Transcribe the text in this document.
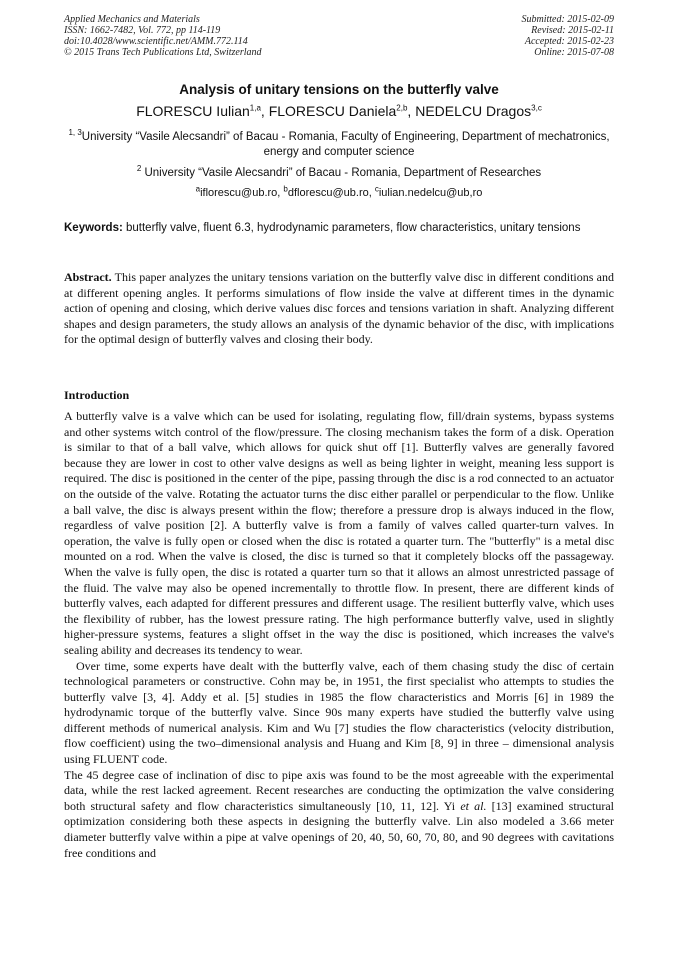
Applied Mechanics and Materials
ISSN: 1662-7482, Vol. 772, pp 114-119
doi:10.4028/www.scientific.net/AMM.772.114
© 2015 Trans Tech Publications Ltd, Switzerland
Submitted: 2015-02-09
Revised: 2015-02-11
Accepted: 2015-02-23
Online: 2015-07-08
Analysis of unitary tensions on the butterfly valve
FLORESCU Iulian$^{1,a}$, FLORESCU Daniela$^{2,b}$, NEDELCU Dragos$^{3,c}$
$^{1, 3}$University “Vasile Alecsandri” of Bacau - Romania, Faculty of Engineering, Department of mechatronics, energy and computer science
$^2$ University “Vasile Alecsandri” of Bacau - Romania, Department of Researches
$^a$iflorescu@ub.ro, $^b$dflorescu@ub.ro, $^c$iulian.nedelcu@ub,ro
Keywords: butterfly valve, fluent 6.3, hydrodynamic parameters, flow characteristics, unitary tensions
Abstract. This paper analyzes the unitary tensions variation on the butterfly valve disc in different conditions and at different opening angles. It performs simulations of flow inside the valve at different times in the dynamic action of opening and closing, which derive values disc forces and tensions variation in shaft. Analyzing different shapes and design parameters, the study allows an analysis of the dynamic behavior of the disc, with implications for the optimal design of butterfly valves and closing their body.
Introduction

A butterfly valve is a valve which can be used for isolating, regulating flow, fill/drain systems, bypass systems and other systems witch control of the flow/pressure. The closing mechanism takes the form of a disk. Operation is similar to that of a ball valve, which allows for quick shut off [1]. Butterfly valves are generally favored because they are lower in cost to other valve designs as well as being lighter in weight, meaning less support is required. The disc is positioned in the center of the pipe, passing through the disc is a rod connected to an actuator on the outside of the valve. Rotating the actuator turns the disc either parallel or perpendicular to the flow. Unlike a ball valve, the disc is always present within the flow; therefore a pressure drop is always induced in the flow, regardless of valve position [2]. A butterfly valve is from a family of valves called quarter-turn valves. In operation, the valve is fully open or closed when the disc is rotated a quarter turn. The "butterfly" is a metal disc mounted on a rod. When the valve is closed, the disc is turned so that it completely blocks off the passageway. When the valve is fully open, the disc is rotated a quarter turn so that it allows an almost unrestricted passage of the fluid. The valve may also be opened incrementally to throttle flow. In present, there are different kinds of butterfly valves, each adapted for different pressures and different usage. The resilient butterfly valve, which uses the flexibility of rubber, has the lowest pressure rating. The high performance butterfly valve, used in slightly higher-pressure systems, features a slight offset in the way the disc is positioned, which increases the valve's sealing ability and decreases its tendency to wear.

Over time, some experts have dealt with the butterfly valve, each of them chasing study the disc of certain technological parameters or constructive. Cohn may be, in 1951, the first specialist who attempts to studies the butterfly valve [3, 4]. Addy et al. [5] studies in 1985 the flow characteristics and Morris [6] in 1989 the hydrodynamic torque of the butterfly valve. Since 90s many experts have studied the butterfly valve using different methods of numerical analysis. Kim and Wu [7] studies the flow characteristics (velocity distribution, flow coefficient) using the two–dimensional analysis and Huang and Kim [8, 9] in three – dimensional analysis using FLUENT code.

The 45 degree case of inclination of disc to pipe axis was found to be the most agreeable with the experimental data, while the rest lacked agreement. Recent researches are conducting the optimization the valve considering both structural safety and flow characteristics simultaneously [10, 11, 12]. Yi et al. [13] examined structural optimization considering both these aspects in designing the butterfly valve. Lin also modeled a 3.66 meter diameter butterfly valve within a pipe at valve openings of 20, 40, 50, 60, 70, 80, and 90 degrees with cavitations free conditions and
